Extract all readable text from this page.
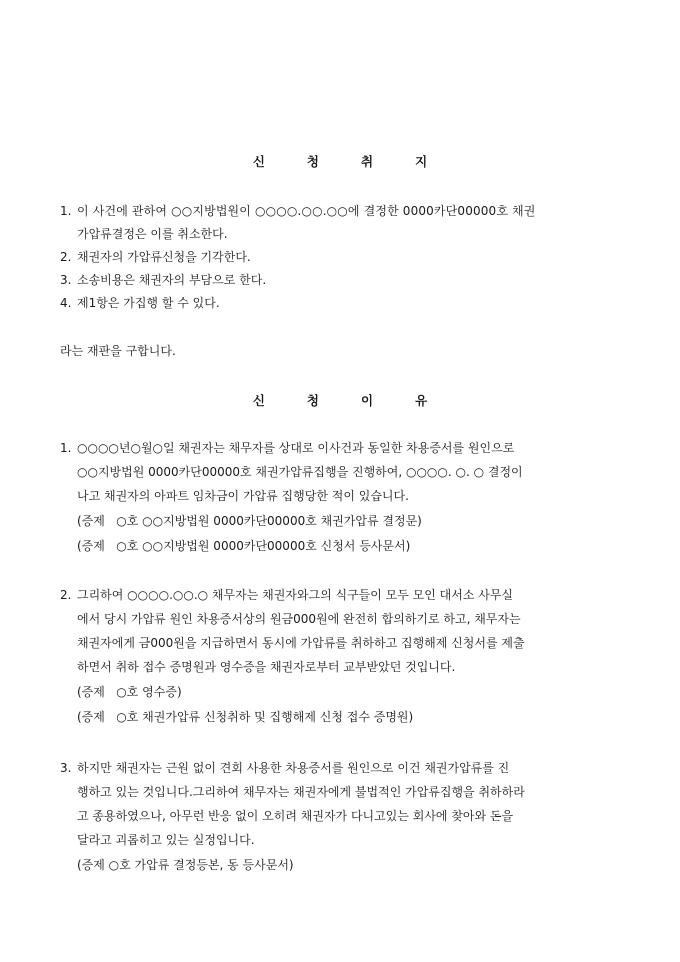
신	청	취	지
1. 이 사건에 관하여 ○○지방법원이 ○○○○.○○.○○에 결정한 0000카단00000호 채권
가압류결정은 이를 취소한다.
2. 채권자의 가압류신청을 기각한다.
3. 소송비용은 채권자의 부담으로 한다.
4. 제1항은 가집행 할 수 있다.
라는 재판을 구합니다.
신	청	이	유
1. ○○○○년○월○일 채권자는 채무자를 상대로 이사건과 동일한 차용증서를 원인으로
○○지방법원 0000카단00000호 채권가압류집행을 진행하여, ○○○○. ○. ○ 결정이
나고 채권자의 아파트 임차금이 가압류 집행당한 적이 있습니다.
(증제   ○호 ○○지방법원 0000카단00000호 채권가압류 결정문)
(증제   ○호 ○○지방법원 0000카단00000호 신청서 등사문서)
2. 그리하여 ○○○○.○○.○ 채무자는 채권자와그의 식구들이 모두 모인 대서소 사무실
에서 당시 가압류 원인 차용증서상의 원금000원에 완전히 합의하기로 하고, 채무자는
채권자에게 금000원을 지급하면서 동시에 가압류를 취하하고 집행해제 신청서를 제출
하면서 취하 접수 증명원과 영수증을 채권자로부터 교부받았던 것입니다.
(증제   ○호 영수증)
(증제   ○호 채권가압류 신청취하 및 집행해제 신청 접수 증명원)
3. 하지만 채권자는 근원 없이 견회 사용한 차용증서를 원인으로 이건 채권가압류를 진
행하고 있는 것입니다.그리하여 채무자는 채권자에게 불법적인 가압류집행을 취하하라
고 종용하였으나, 아무런 반응 없이 오히려 채권자가 다니고있는 회사에 찾아와 돈을
달라고 괴롭히고 있는 실정입니다.
(증제 ○호 가압류 결정등본, 동 등사문서)
